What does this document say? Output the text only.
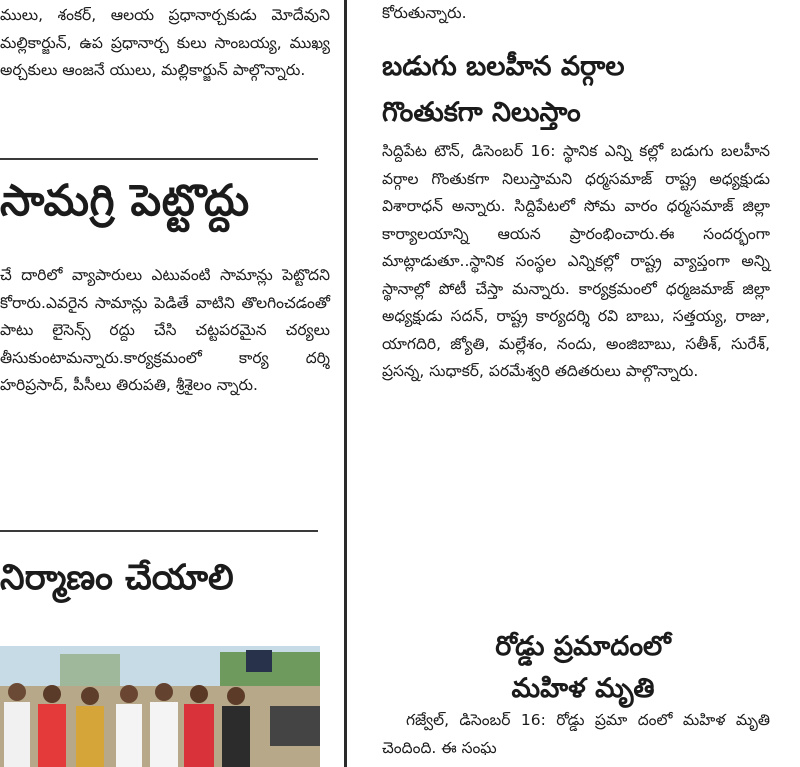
ములు, శంకర్, ఆలయ ప్రధానార్చకుడు మోదేవుని మల్లికార్జున్, ఉప ప్రధానార్చ కులు సాంబయ్య, ముఖ్య అర్చకులు ఆంజనే యులు, మల్లికార్జున్ పాల్గొన్నారు.

సామగ్రి పెట్టొద్దు

చే దారిలో వ్యాపారులు ఎటువంటి సామాన్లు పెట్టొదని కోరారు.ఎవరైన సామాన్లు పెడితే వాటిని తొలగించడంతో పాటు లైసెన్స్ రద్దు చేసి చట్టపరమైన చర్యలు తీసుకుంటామన్నారు.కార్యక్రమంలో కార్య దర్శి హరిప్రసాద్, పీసీలు తిరుపతి, శ్రీశైలం న్నారు.

నిర్మాణం చేయాలి

కోరుతున్నారు.

బడుగు బలహీన వర్గాల
గొంతుకగా నిలుస్తాం

సిద్దిపేట టౌన్, డిసెంబర్ 16: స్థానిక ఎన్ని కల్లో బడుగు బలహీన వర్గాల గొంతుకగా నిలుస్తామని ధర్మసమాజ్ రాష్ట్ర అధ్యక్షుడు విశారాధన్ అన్నారు. సిద్దిపేటలో సోమ వారం ధర్మసమాజ్ జిల్లా కార్యాలయాన్ని ఆయన ప్రారంభించారు.ఈ సందర్భంగా మాట్లాడుతూ..స్థానిక సంస్థల ఎన్నికల్లో రాష్ట్ర వ్యాప్తంగా అన్ని స్థానాల్లో పోటీ చేస్తా మన్నారు. కార్యక్రమంలో ధర్మజమాజ్ జిల్లా అధ్యక్షుడు సదన్, రాష్ట్ర కార్యదర్శి రవి బాబు, సత్తయ్య, రాజు, యాగదిరి, జ్యోతి, మల్లేశం, నందు, అంజిబాబు, సతీశ్, సురేశ్, ప్రసన్న, సుధాకర్, పరమేశ్వరి తదితరులు పాల్గొన్నారు.

రోడ్డు ప్రమాదంలో
మహిళ మృతి

గజ్వేల్, డిసెంబర్ 16: రోడ్డు ప్రమా దంలో మహిళ మృతి చెందింది. ఈ సంఘ
